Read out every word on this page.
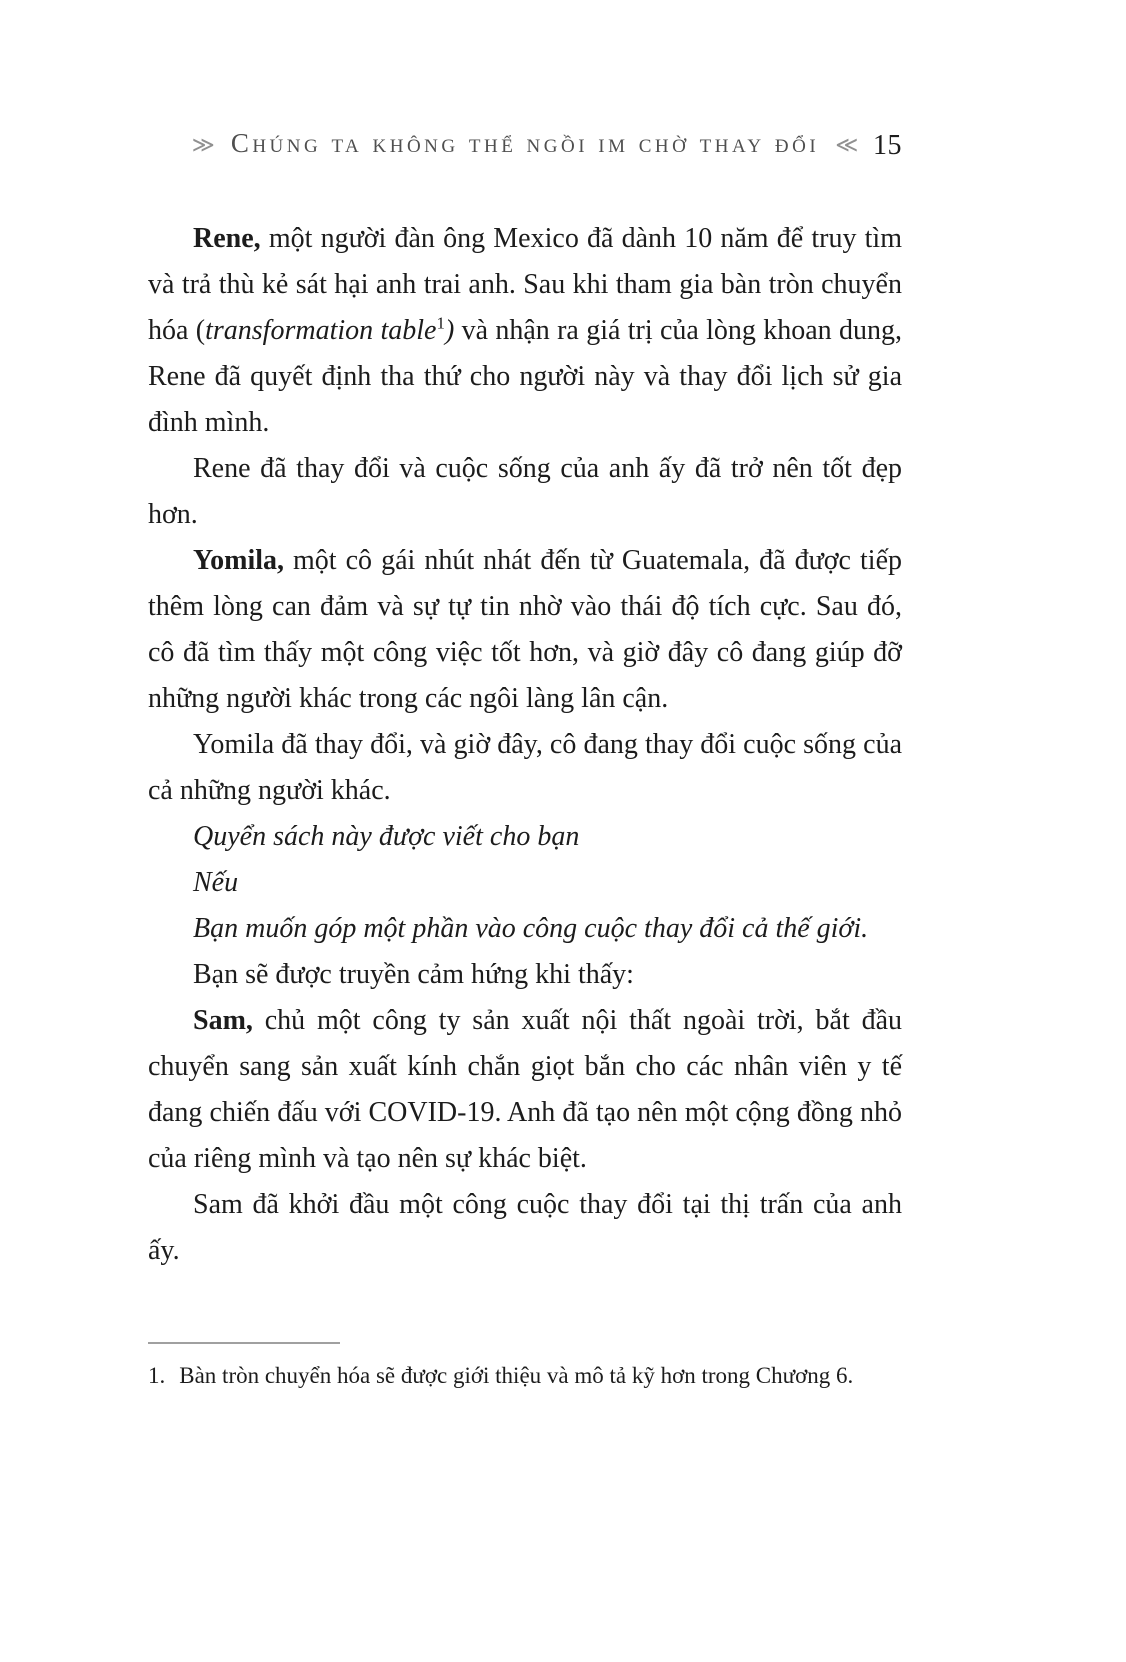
≫ Chúng ta không thể ngồi im chờ thay đổi ≪ 15

Rene, một người đàn ông Mexico đã dành 10 năm để truy tìm và trả thù kẻ sát hại anh trai anh. Sau khi tham gia bàn tròn chuyển hóa (transformation table$^1$) và nhận ra giá trị của lòng khoan dung, Rene đã quyết định tha thứ cho người này và thay đổi lịch sử gia đình mình.

Rene đã thay đổi và cuộc sống của anh ấy đã trở nên tốt đẹp hơn.

Yomila, một cô gái nhút nhát đến từ Guatemala, đã được tiếp thêm lòng can đảm và sự tự tin nhờ vào thái độ tích cực. Sau đó, cô đã tìm thấy một công việc tốt hơn, và giờ đây cô đang giúp đỡ những người khác trong các ngôi làng lân cận.

Yomila đã thay đổi, và giờ đây, cô đang thay đổi cuộc sống của cả những người khác.

Quyển sách này được viết cho bạn

Nếu

Bạn muốn góp một phần vào công cuộc thay đổi cả thế giới.

Bạn sẽ được truyền cảm hứng khi thấy:

Sam, chủ một công ty sản xuất nội thất ngoài trời, bắt đầu chuyển sang sản xuất kính chắn giọt bắn cho các nhân viên y tế đang chiến đấu với COVID-19. Anh đã tạo nên một cộng đồng nhỏ của riêng mình và tạo nên sự khác biệt.

Sam đã khởi đầu một công cuộc thay đổi tại thị trấn của anh ấy.

1. Bàn tròn chuyển hóa sẽ được giới thiệu và mô tả kỹ hơn trong Chương 6.
